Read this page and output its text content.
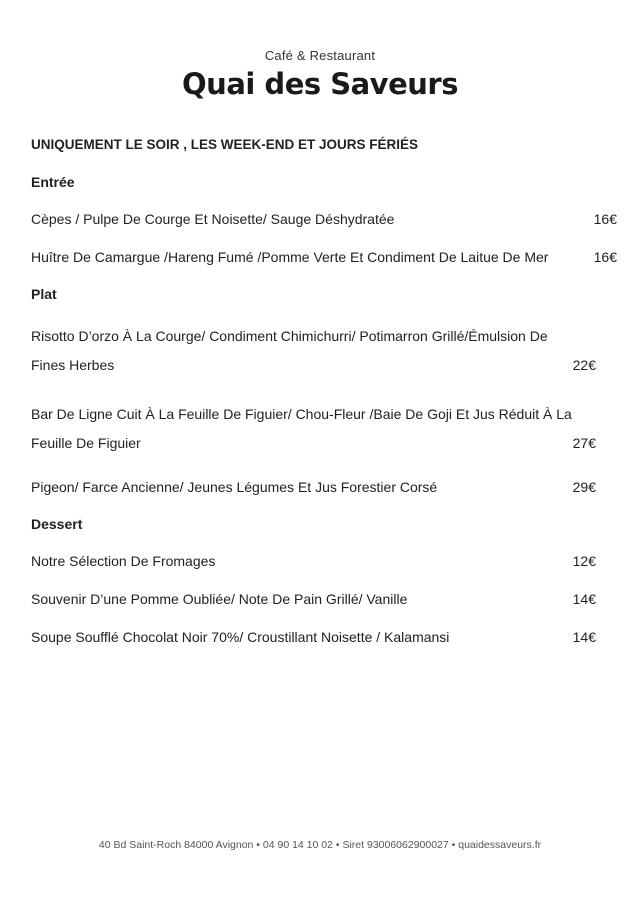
Café & Restaurant
Quai des Saveurs
UNIQUEMENT LE SOIR , LES WEEK-END ET JOURS FÉRIÉS
Entrée
Cèpes / Pulpe De Courge Et Noisette/ Sauge Déshydratée	16€
Huître De Camargue /Hareng Fumé /Pomme Verte Et Condiment De Laitue De Mer	16€
Plat
Risotto D’orzo À La Courge/ Condiment Chimichurri/ Potimarron Grillé/Émulsion De
Fines Herbes	22€
Bar De Ligne Cuit À La Feuille De Figuier/ Chou-Fleur /Baie De Goji Et Jus Réduit À La
Feuille De Figuier	27€
Pigeon/ Farce Ancienne/ Jeunes Légumes Et Jus Forestier Corsé	29€
Dessert
Notre Sélection De Fromages	12€
Souvenir D’une Pomme Oubliée/ Note De Pain Grillé/ Vanille	14€
Soupe Soufflé Chocolat Noir 70%/ Croustillant Noisette / Kalamansi	14€
40 Bd Saint-Roch 84000 Avignon • 04 90 14 10 02 • Siret 93006062900027 • quaidessaveurs.fr
